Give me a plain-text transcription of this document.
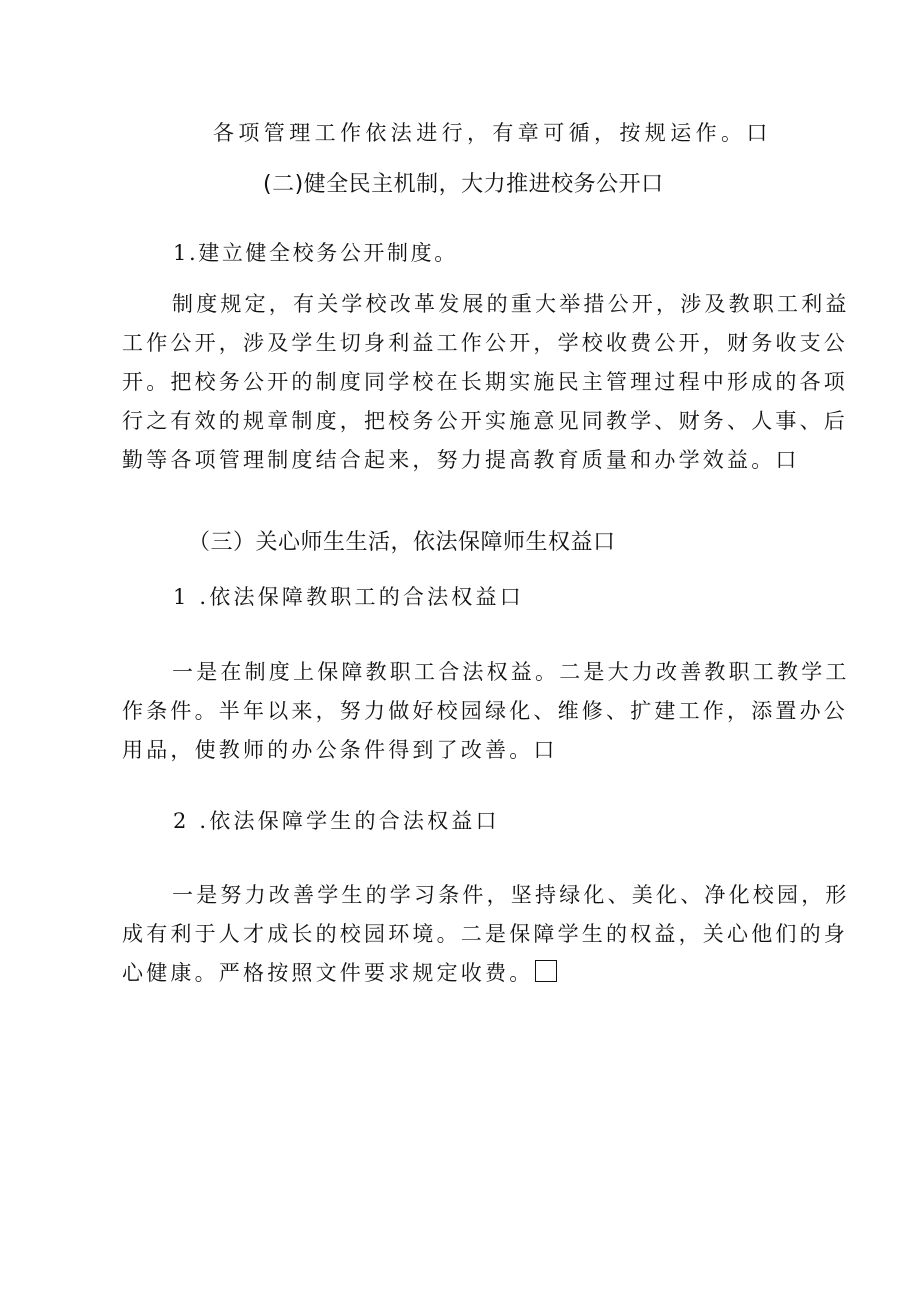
各项管理工作依法进行，有章可循，按规运作。口
(二)健全民主机制，大力推进校务公开口
1.建立健全校务公开制度。
制度规定，有关学校改革发展的重大举措公开，涉及教职工利益
工作公开，涉及学生切身利益工作公开，学校收费公开，财务收支公
开。把校务公开的制度同学校在长期实施民主管理过程中形成的各项
行之有效的规章制度，把校务公开实施意见同教学、财务、人事、后
勤等各项管理制度结合起来，努力提高教育质量和办学效益。口
（三）关心师生生活，依法保障师生权益口
1 .依法保障教职工的合法权益口
一是在制度上保障教职工合法权益。二是大力改善教职工教学工
作条件。半年以来，努力做好校园绿化、维修、扩建工作，添置办公
用品，使教师的办公条件得到了改善。口
2 .依法保障学生的合法权益口
一是努力改善学生的学习条件，坚持绿化、美化、净化校园，形
成有利于人才成长的校园环境。二是保障学生的权益，关心他们的身
心健康。严格按照文件要求规定收费。
